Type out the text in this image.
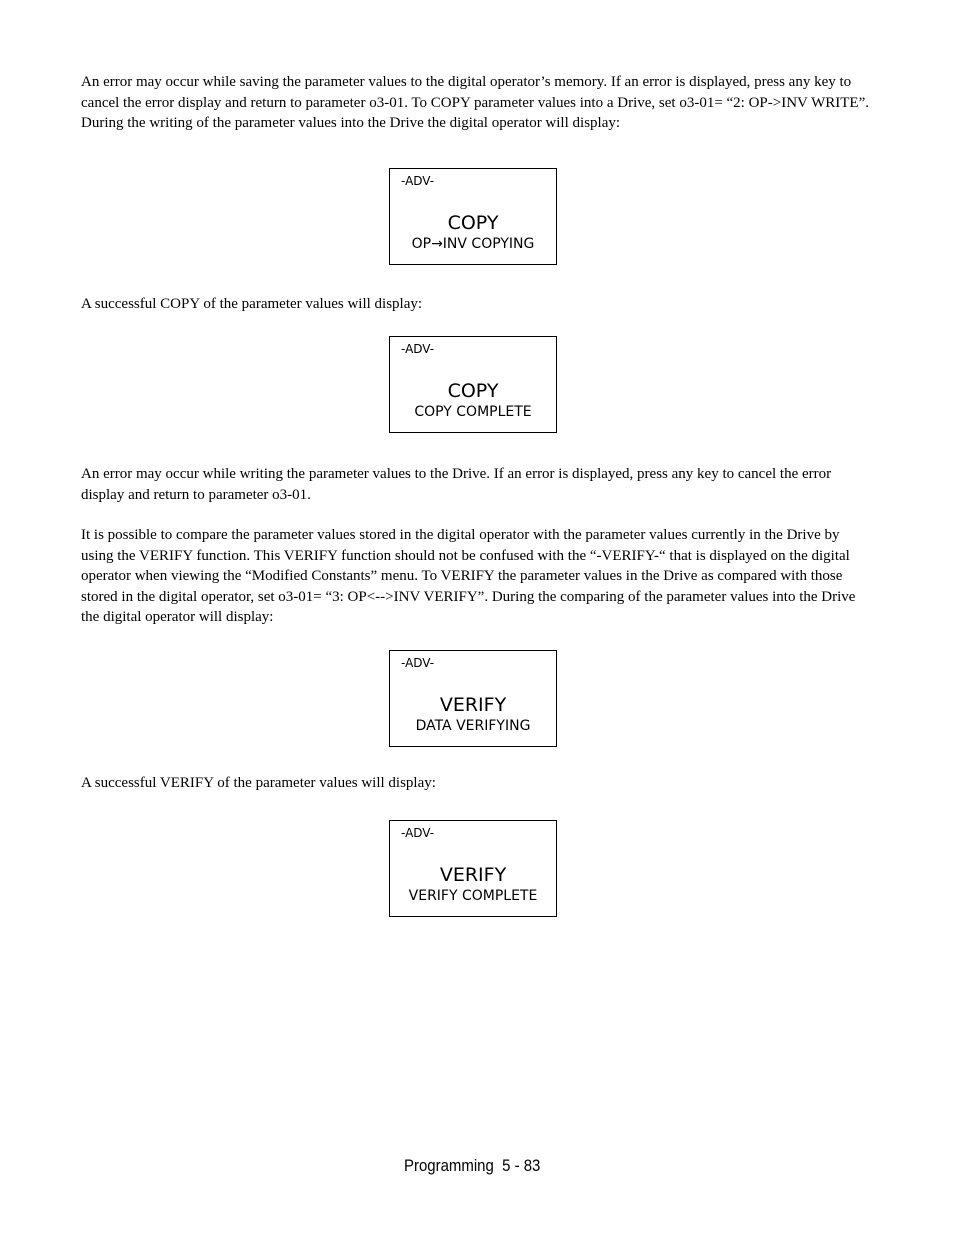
An error may occur while saving the parameter values to the digital operator’s memory. If an error is displayed, press any key to cancel the error display and return to parameter o3-01. To COPY parameter values into a Drive, set o3-01= “2: OP->INV WRITE”. During the writing of the parameter values into the Drive the digital operator will display:

-ADV-
COPY
OP→INV COPYING

A successful COPY of the parameter values will display:

-ADV-
COPY
COPY COMPLETE

An error may occur while writing the parameter values to the Drive. If an error is displayed, press any key to cancel the error display and return to parameter o3-01.

It is possible to compare the parameter values stored in the digital operator with the parameter values currently in the Drive by using the VERIFY function. This VERIFY function should not be confused with the “-VERIFY-“ that is displayed on the digital operator when viewing the “Modified Constants” menu. To VERIFY the parameter values in the Drive as compared with those stored in the digital operator, set o3-01= “3: OP<-->INV VERIFY”. During the comparing of the parameter values into the Drive the digital operator will display:

-ADV-
VERIFY
DATA VERIFYING

A successful VERIFY of the parameter values will display:

-ADV-
VERIFY
VERIFY COMPLETE
Programming  5 - 83
